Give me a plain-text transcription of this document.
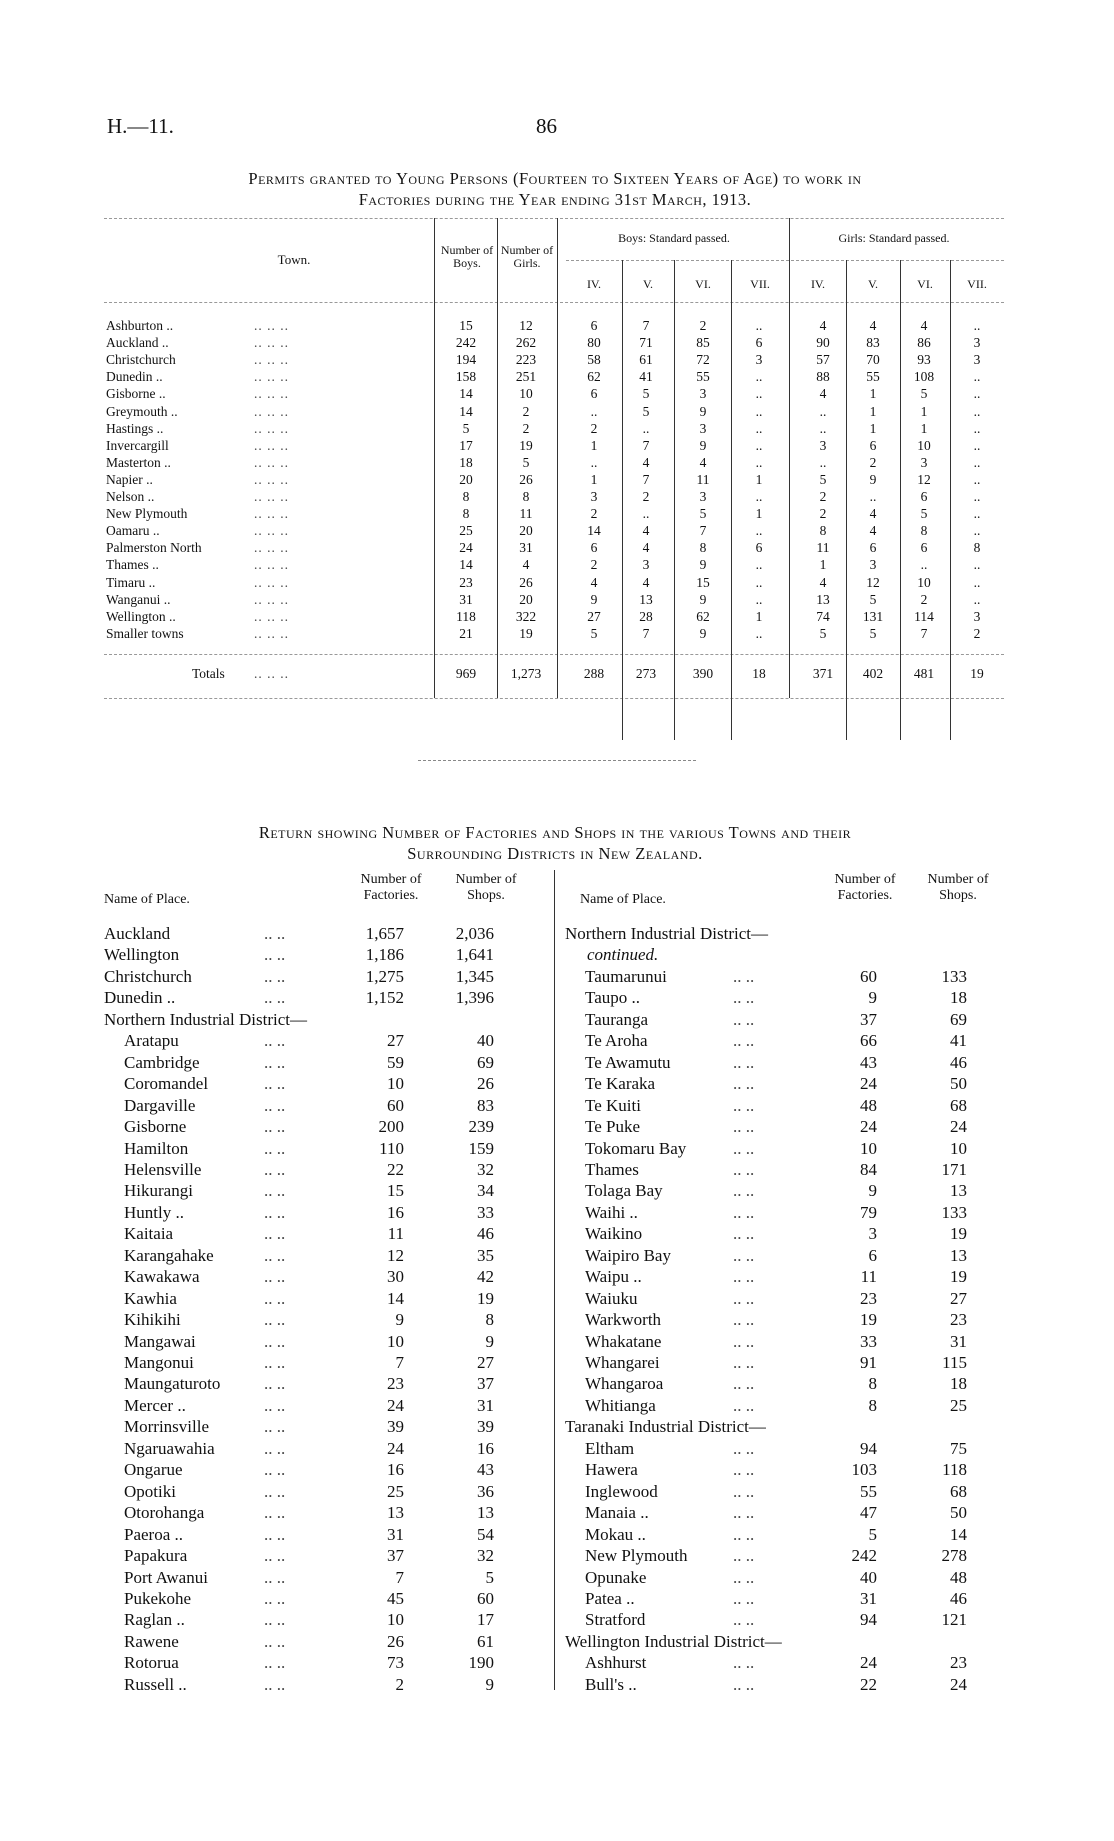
H.—11.	86
Permits granted to Young Persons (Fourteen to Sixteen Years of Age) to work in
Factories during the Year ending 31st March, 1913.
Town.
Number of Boys.
Number of Girls.
Boys: Standard passed.	Girls: Standard passed.
IV.	V.	VI.	VII.	IV.	V.	VI.	VII.
Ashburton ..	.. .. ..	15	12	6	7	2	..	4	4	4	..
Auckland ..	.. .. ..	242	262	80	71	85	6	90	83	86	3
Christchurch	.. .. ..	194	223	58	61	72	3	57	70	93	3
Dunedin ..	.. .. ..	158	251	62	41	55	..	88	55	108	..
Gisborne ..	.. .. ..	14	10	6	5	3	..	4	1	5	..
Greymouth ..	.. .. ..	14	2	..	5	9	..	..	1	1	..
Hastings ..	.. .. ..	5	2	2	..	3	..	..	1	1	..
Invercargill	.. .. ..	17	19	1	7	9	..	3	6	10	..
Masterton ..	.. .. ..	18	5	..	4	4	..	..	2	3	..
Napier ..	.. .. ..	20	26	1	7	11	1	5	9	12	..
Nelson ..	.. .. ..	8	8	3	2	3	..	2	..	6	..
New Plymouth	.. .. ..	8	11	2	..	5	1	2	4	5	..
Oamaru ..	.. .. ..	25	20	14	4	7	..	8	4	8	..
Palmerston North	.. .. ..	24	31	6	4	8	6	11	6	6	8
Thames ..	.. .. ..	14	4	2	3	9	..	1	3	..	..
Timaru ..	.. .. ..	23	26	4	4	15	..	4	12	10	..
Wanganui ..	.. .. ..	31	20	9	13	9	..	13	5	2	..
Wellington ..	.. .. ..	118	322	27	28	62	1	74	131	114	3
Smaller towns	.. .. ..	21	19	5	7	9	..	5	5	7	2
Totals .. .. ..	969	1,273	288	273	390	18	371	402	481	19
Return showing Number of Factories and Shops in the various Towns and their
Surrounding Districts in New Zealand.
Name of Place.
Number of Factories.
Number of Shops.	Name of Place.
Number of Factories.
Number of Shops.
Auckland	.. ..	1,657	2,036
Wellington	.. ..	1,186	1,641
Christchurch	.. ..	1,275	1,345
Dunedin ..	.. ..	1,152	1,396
Northern Industrial District—
Aratapu	.. ..	27	40
Cambridge	.. ..	59	69
Coromandel	.. ..	10	26
Dargaville	.. ..	60	83
Gisborne	.. ..	200	239
Hamilton	.. ..	110	159
Helensville	.. ..	22	32
Hikurangi	.. ..	15	34
Huntly ..	.. ..	16	33
Kaitaia	.. ..	11	46
Karangahake	.. ..	12	35
Kawakawa	.. ..	30	42
Kawhia	.. ..	14	19
Kihikihi	.. ..	9	8
Mangawai	.. ..	10	9
Mangonui	.. ..	7	27
Maungaturoto	.. ..	23	37
Mercer ..	.. ..	24	31
Morrinsville	.. ..	39	39
Ngaruawahia	.. ..	24	16
Ongarue	.. ..	16	43
Opotiki	.. ..	25	36
Otorohanga	.. ..	13	13
Paeroa ..	.. ..	31	54
Papakura	.. ..	37	32
Port Awanui	.. ..	7	5
Pukekohe	.. ..	45	60
Raglan ..	.. ..	10	17
Rawene	.. ..	26	61
Rotorua	.. ..	73	190
Russell ..	.. ..	2	9
Northern Industrial District—
continued.
Taumarunui	.. ..	60	133
Taupo ..	.. ..	9	18
Tauranga	.. ..	37	69
Te Aroha	.. ..	66	41
Te Awamutu	.. ..	43	46
Te Karaka	.. ..	24	50
Te Kuiti	.. ..	48	68
Te Puke	.. ..	24	24
Tokomaru Bay	.. ..	10	10
Thames	.. ..	84	171
Tolaga Bay	.. ..	9	13
Waihi ..	.. ..	79	133
Waikino	.. ..	3	19
Waipiro Bay	.. ..	6	13
Waipu ..	.. ..	11	19
Waiuku	.. ..	23	27
Warkworth	.. ..	19	23
Whakatane	.. ..	33	31
Whangarei	.. ..	91	115
Whangaroa	.. ..	8	18
Whitianga	.. ..	8	25
Taranaki Industrial District—
Eltham	.. ..	94	75
Hawera	.. ..	103	118
Inglewood	.. ..	55	68
Manaia ..	.. ..	47	50
Mokau ..	.. ..	5	14
New Plymouth	.. ..	242	278
Opunake	.. ..	40	48
Patea ..	.. ..	31	46
Stratford	.. ..	94	121
Wellington Industrial District—
Ashhurst	.. ..	24	23
Bull's ..	.. ..	22	24
